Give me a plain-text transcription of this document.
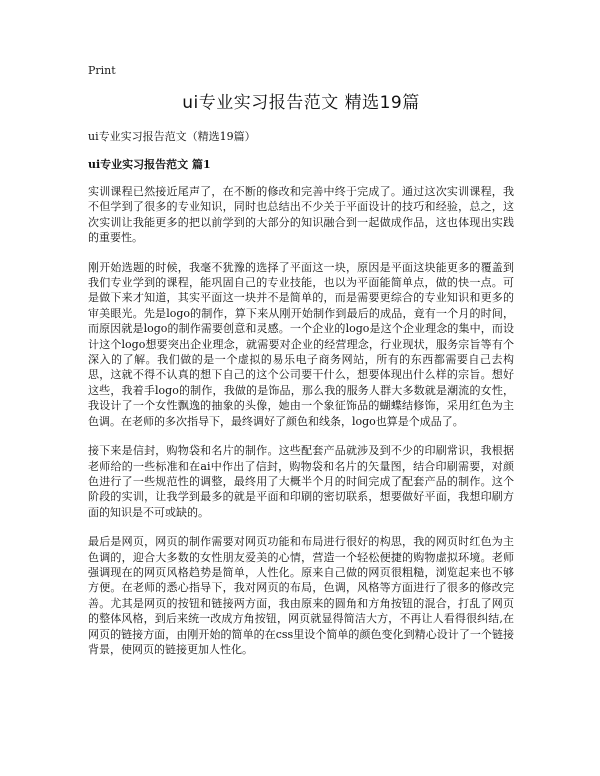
Print
ui专业实习报告范文 精选19篇

ui专业实习报告范文（精选19篇）

ui专业实习报告范文 篇1

实训课程已然接近尾声了，在不断的修改和完善中终于完成了。通过这次实训课程，我不但学到了很多的专业知识，同时也总结出不少关于平面设计的技巧和经验，总之，这次实训让我能更多的把以前学到的大部分的知识融合到一起做成作品，这也体现出实践的重要性。

刚开始选题的时候，我毫不犹豫的选择了平面这一块，原因是平面这块能更多的覆盖到我们专业学到的课程，能巩固自己的专业技能，也以为平面能简单点，做的快一点。可是做下来才知道，其实平面这一块并不是简单的，而是需要更综合的专业知识和更多的审美眼光。先是logo的制作，算下来从刚开始制作到最后的成品，竟有一个月的时间，而原因就是logo的制作需要创意和灵感。一个企业的logo是这个企业理念的集中，而设计这个logo想要突出企业理念，就需要对企业的经营理念，行业现状，服务宗旨等有个深入的了解。我们做的是一个虚拟的易乐电子商务网站，所有的东西都需要自己去构思，这就不得不认真的想下自己的这个公司要干什么，想要体现出什么样的宗旨。想好这些，我着手logo的制作，我做的是饰品，那么我的服务人群大多数就是潮流的女性，我设计了一个女性飘逸的抽象的头像，她由一个象征饰品的蝴蝶结修饰，采用红色为主色调。在老师的多次指导下，最终调好了颜色和线条，logo也算是个成品了。

接下来是信封，购物袋和名片的制作。这些配套产品就涉及到不少的印刷常识，我根据老师给的一些标准和在ai中作出了信封，购物袋和名片的矢量图，结合印刷需要，对颜色进行了一些规范性的调整，最终用了大概半个月的时间完成了配套产品的制作。这个阶段的实训，让我学到最多的就是平面和印刷的密切联系，想要做好平面，我想印刷方面的知识是不可或缺的。

最后是网页，网页的制作需要对网页功能和布局进行很好的构思，我的网页时红色为主色调的，迎合大多数的女性朋友爱美的心情，营造一个轻松便捷的购物虚拟环境。老师强调现在的网页风格趋势是简单，人性化。原来自己做的网页很粗糙，浏览起来也不够方便。在老师的悉心指导下，我对网页的布局，色调，风格等方面进行了很多的修改完善。尤其是网页的按钮和链接两方面，我由原来的圆角和方角按钮的混合，打乱了网页的整体风格，到后来统一改成方角按钮，网页就显得简洁大方，不再让人看得很纠结,在网页的链接方面，由刚开始的简单的在css里设个简单的颜色变化到精心设计了一个链接背景，使网页的链接更加人性化。
